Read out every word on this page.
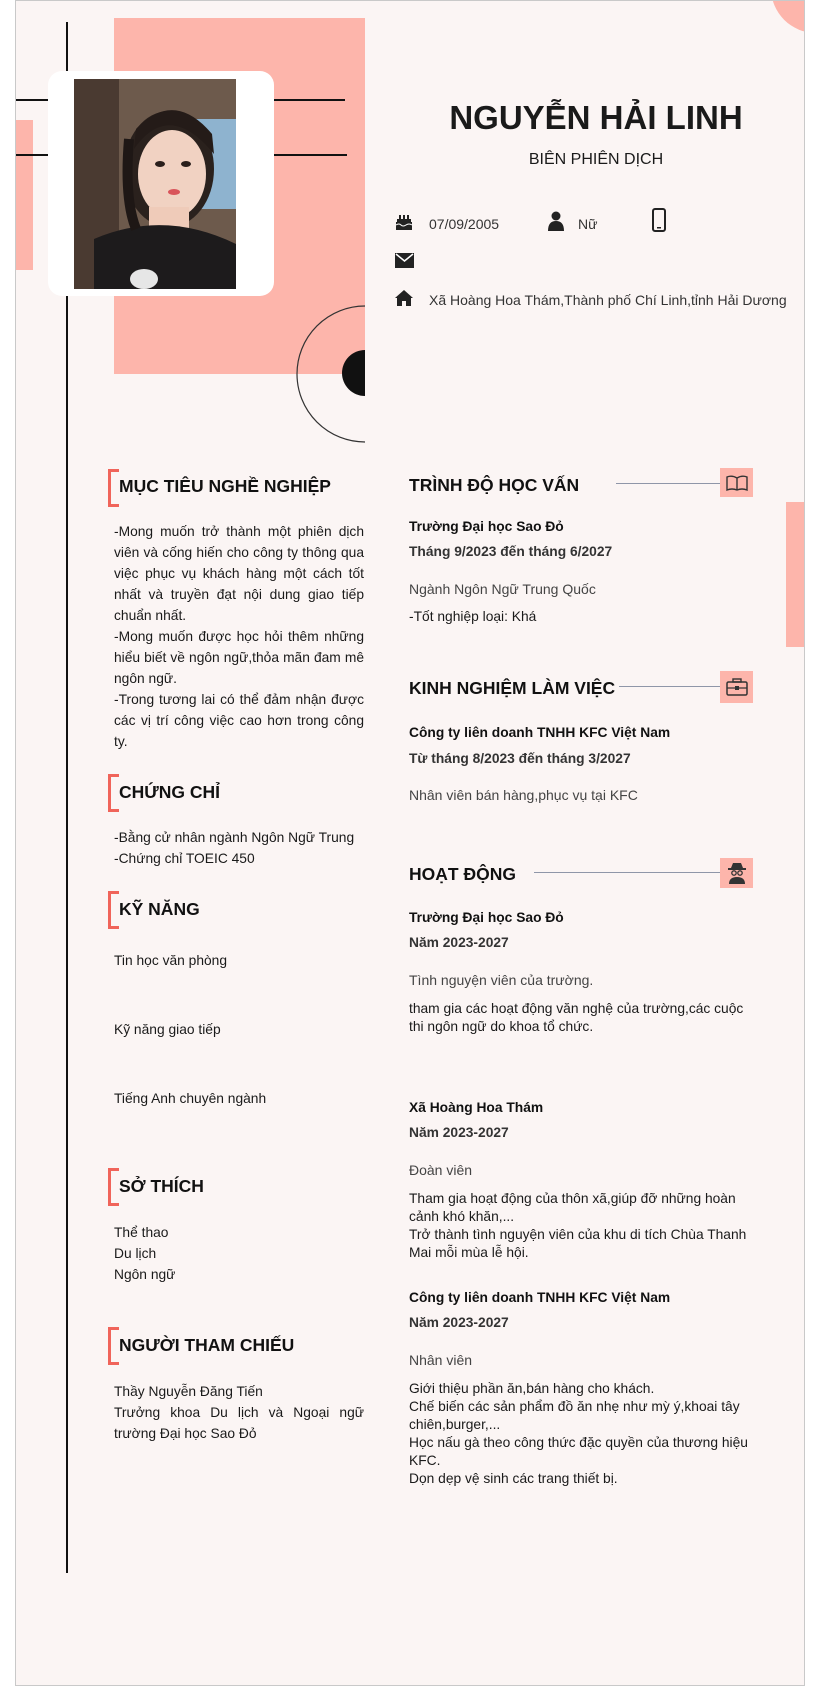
NGUYỄN HẢI LINH
BIÊN PHIÊN DỊCH
07/09/2005	Nữ
Xã Hoàng Hoa Thám,Thành phố Chí Linh,tỉnh Hải Dương
MỤC TIÊU NGHỀ NGHIỆP
-Mong muốn trở thành một phiên dịch viên và cống hiến cho công ty thông qua việc phục vụ khách hàng một cách tốt nhất và truyền đạt nội dung giao tiếp chuẩn nhất.
-Mong muốn được học hỏi thêm những hiểu biết về ngôn ngữ,thỏa mãn đam mê ngôn ngữ.
-Trong tương lai có thể đảm nhận được các vị trí công việc cao hơn trong công ty.
CHỨNG CHỈ
-Bằng cử nhân ngành Ngôn Ngữ Trung
-Chứng chỉ TOEIC 450
KỸ NĂNG
Tin học văn phòng
Kỹ năng giao tiếp
Tiếng Anh chuyên ngành
SỞ THÍCH
Thể thao
Du lịch
Ngôn ngữ
NGƯỜI THAM CHIẾU
Thầy Nguyễn Đăng Tiến
Trưởng khoa Du lịch và Ngoại ngữ trường Đại học Sao Đỏ
TRÌNH ĐỘ HỌC VẤN
Trường Đại học Sao Đỏ
Tháng 9/2023 đến tháng 6/2027
Ngành Ngôn Ngữ Trung Quốc
-Tốt nghiệp loại: Khá
KINH NGHIỆM LÀM VIỆC
Công ty liên doanh TNHH KFC Việt Nam
Từ tháng 8/2023 đến tháng 3/2027
Nhân viên bán hàng,phục vụ tại KFC
HOẠT ĐỘNG
Trường Đại học Sao Đỏ
Năm 2023-2027
Tình nguyện viên của trường.
tham gia các hoạt động văn nghệ của trường,các cuộc thi ngôn ngữ do khoa tổ chức.
Xã Hoàng Hoa Thám
Năm 2023-2027
Đoàn viên
Tham gia hoạt động của thôn xã,giúp đỡ những hoàn cảnh khó khăn,...
Trở thành tình nguyện viên của khu di tích Chùa Thanh Mai mỗi mùa lễ hội.
Công ty liên doanh TNHH KFC Việt Nam
Năm 2023-2027
Nhân viên
Giới thiệu phần ăn,bán hàng cho khách.
Chế biến các sản phẩm đồ ăn nhẹ như mỳ ý,khoai tây chiên,burger,...
Học nấu gà theo công thức đặc quyền của thương hiệu KFC.
Dọn dẹp vệ sinh các trang thiết bị.
